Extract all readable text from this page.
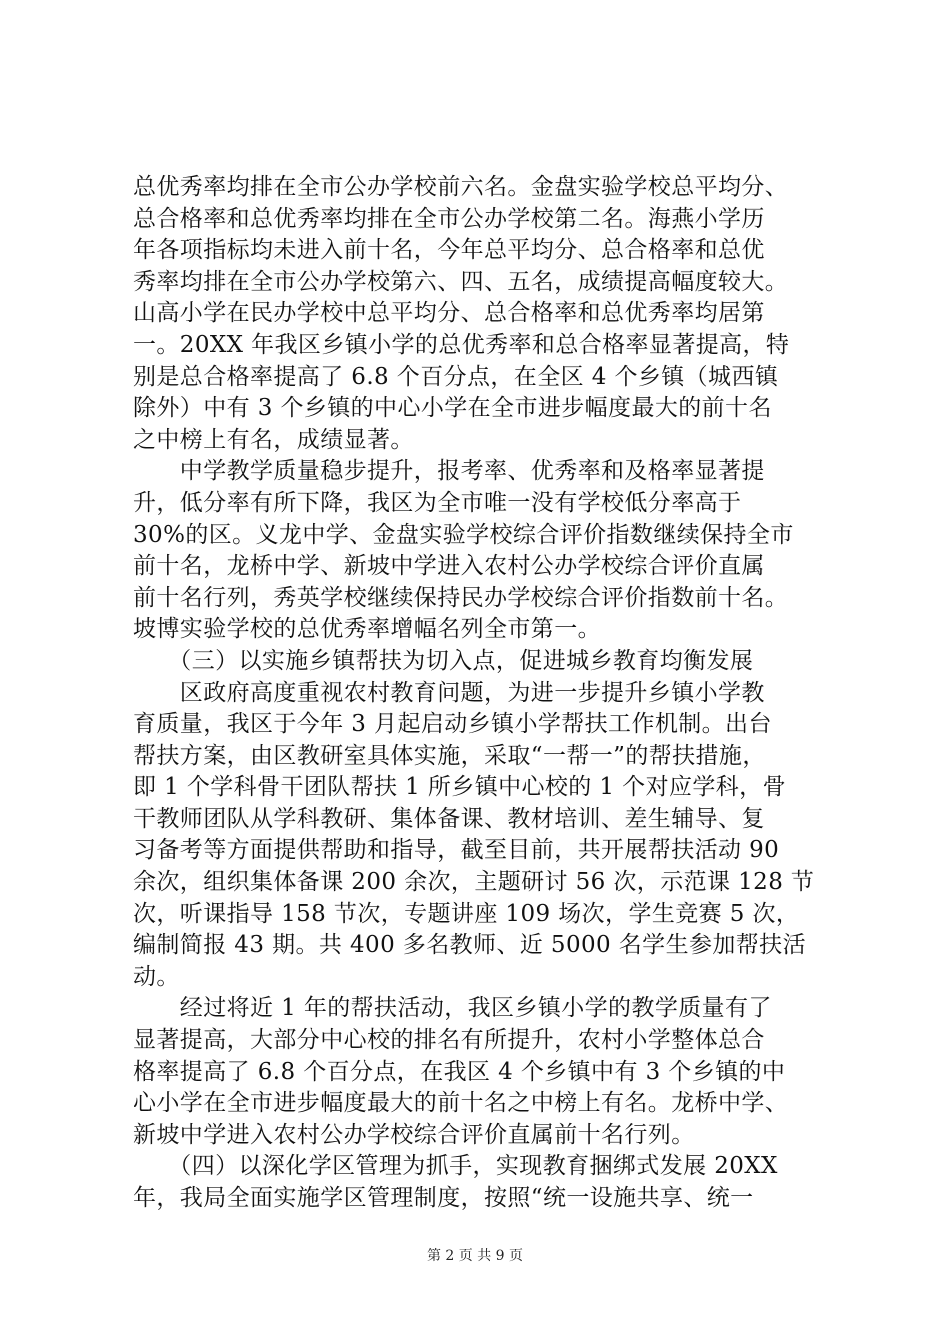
总优秀率均排在全市公办学校前六名。金盘实验学校总平均分、
总合格率和总优秀率均排在全市公办学校第二名。海燕小学历
年各项指标均未进入前十名，今年总平均分、总合格率和总优
秀率均排在全市公办学校第六、四、五名，成绩提高幅度较大。
山高小学在民办学校中总平均分、总合格率和总优秀率均居第
一。20XX 年我区乡镇小学的总优秀率和总合格率显著提高，特
别是总合格率提高了 6.8 个百分点，在全区 4 个乡镇（城西镇
除外）中有 3 个乡镇的中心小学在全市进步幅度最大的前十名
之中榜上有名，成绩显著。
　　中学教学质量稳步提升，报考率、优秀率和及格率显著提
升，低分率有所下降，我区为全市唯一没有学校低分率高于
30%的区。义龙中学、金盘实验学校综合评价指数继续保持全市
前十名，龙桥中学、新坡中学进入农村公办学校综合评价直属
前十名行列，秀英学校继续保持民办学校综合评价指数前十名。
坡博实验学校的总优秀率增幅名列全市第一。
　　（三）以实施乡镇帮扶为切入点，促进城乡教育均衡发展
　　区政府高度重视农村教育问题，为进一步提升乡镇小学教
育质量，我区于今年 3 月起启动乡镇小学帮扶工作机制。出台
帮扶方案，由区教研室具体实施，采取“一帮一”的帮扶措施，
即 1 个学科骨干团队帮扶 1 所乡镇中心校的 1 个对应学科，骨
干教师团队从学科教研、集体备课、教材培训、差生辅导、复
习备考等方面提供帮助和指导，截至目前，共开展帮扶活动 90
余次，组织集体备课 200 余次，主题研讨 56 次，示范课 128 节
次，听课指导 158 节次，专题讲座 109 场次，学生竞赛 5 次，
编制简报 43 期。共 400 多名教师、近 5000 名学生参加帮扶活
动。
　　经过将近 1 年的帮扶活动，我区乡镇小学的教学质量有了
显著提高，大部分中心校的排名有所提升，农村小学整体总合
格率提高了 6.8 个百分点，在我区 4 个乡镇中有 3 个乡镇的中
心小学在全市进步幅度最大的前十名之中榜上有名。龙桥中学、
新坡中学进入农村公办学校综合评价直属前十名行列。
　　（四）以深化学区管理为抓手，实现教育捆绑式发展 20XX
年，我局全面实施学区管理制度，按照“统一设施共享、统一
第 2 页 共 9 页
